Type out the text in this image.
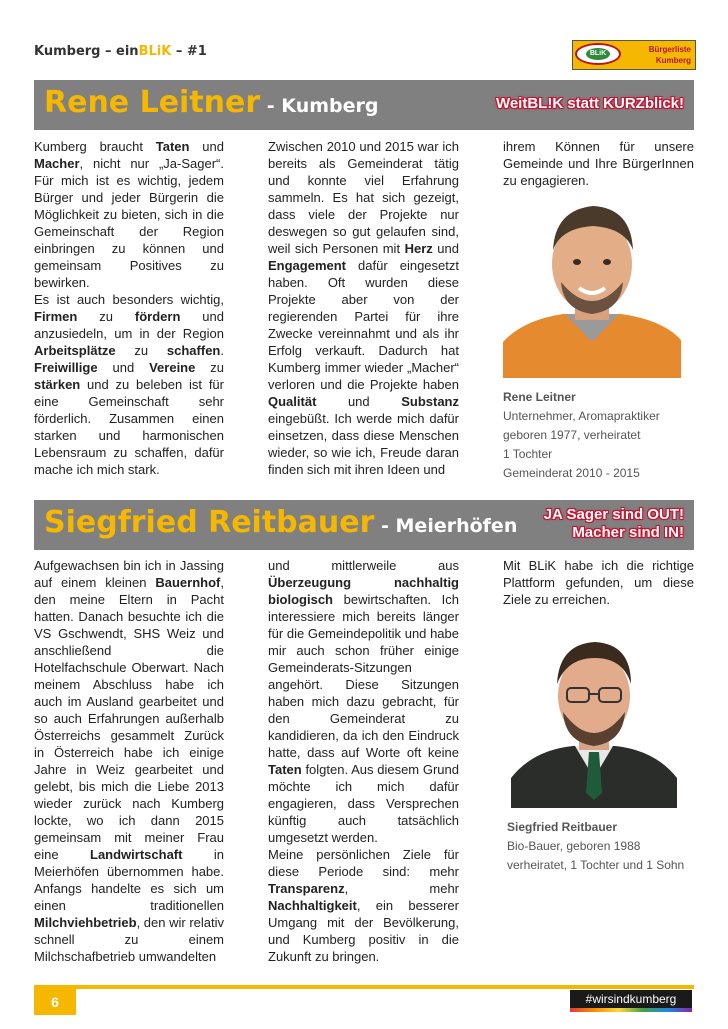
Kumberg – einBLiK – #1	BLiK	Bürgerliste
Kumberg
Rene Leitner - Kumberg	WeitBL!K statt KURZblick!

Kumberg braucht Taten und Macher, nicht nur „Ja-Sager“. Für mich ist es wichtig, jedem Bürger und jeder Bürgerin die Möglichkeit zu bieten, sich in die Gemeinschaft der Region einbringen zu können und gemeinsam Positives zu bewirken.

Es ist auch besonders wichtig, Firmen zu fördern und anzusiedeln, um in der Region Arbeitsplätze zu schaffen. Freiwillige und Vereine zu stärken und zu beleben ist für eine Gemeinschaft sehr förderlich. Zusammen einen starken und harmonischen Lebensraum zu schaffen, dafür mache ich mich stark.

Zwischen 2010 und 2015 war ich bereits als Gemeinderat tätig und konnte viel Erfahrung sammeln. Es hat sich gezeigt, dass viele der Projekte nur deswegen so gut gelaufen sind, weil sich Personen mit Herz und Engagement dafür eingesetzt haben. Oft wurden diese Projekte aber von der regierenden Partei für ihre Zwecke vereinnahmt und als ihr Erfolg verkauft. Dadurch hat Kumberg immer wieder „Macher“ verloren und die Projekte haben Qualität und Substanz eingebüßt. Ich werde mich dafür einsetzen, dass diese Menschen wieder, so wie ich, Freude daran finden sich mit ihren Ideen und

ihrem Können für unsere Gemeinde und Ihre BürgerInnen zu engagieren.

Rene Leitner
Unternehmer, Aromapraktiker
geboren 1977, verheiratet
1 Tochter
Gemeinderat 2010 - 2015
Siegfried Reitbauer - Meierhöfen
JA Sager sind OUT!
Macher sind IN!

Aufgewachsen bin ich in Jassing auf einem kleinen Bauernhof, den meine Eltern in Pacht hatten. Danach besuchte ich die VS Gschwendt, SHS Weiz und anschließend die Hotelfachschule Oberwart. Nach meinem Abschluss habe ich auch im Ausland gearbeitet und so auch Erfahrungen außerhalb Österreichs gesammelt Zurück in Österreich habe ich einige Jahre in Weiz gearbeitet und gelebt, bis mich die Liebe 2013 wieder zurück nach Kumberg lockte, wo ich dann 2015 gemeinsam mit meiner Frau eine Landwirtschaft in Meierhöfen übernommen habe. Anfangs handelte es sich um einen traditionellen Milchviehbetrieb, den wir relativ schnell zu einem Milchschafbetrieb umwandelten

und mittlerweile aus Überzeugung nachhaltig biologisch bewirtschaften. Ich interessiere mich bereits länger für die Gemeindepolitik und habe mir auch schon früher einige Gemeinderats-Sitzungen angehört. Diese Sitzungen haben mich dazu gebracht, für den Gemeinderat zu kandidieren, da ich den Eindruck hatte, dass auf Worte oft keine Taten folgten. Aus diesem Grund möchte ich mich dafür engagieren, dass Versprechen künftig auch tatsächlich umgesetzt werden.

Meine persönlichen Ziele für diese Periode sind: mehr Transparenz, mehr Nachhaltigkeit, ein besserer Umgang mit der Bevölkerung, und Kumberg positiv in die Zukunft zu bringen.

Mit BLiK habe ich die richtige Plattform gefunden, um diese Ziele zu erreichen.

Siegfried Reitbauer
Bio-Bauer, geboren 1988
verheiratet, 1 Tochter und 1 Sohn
6	#wirsindkumberg
